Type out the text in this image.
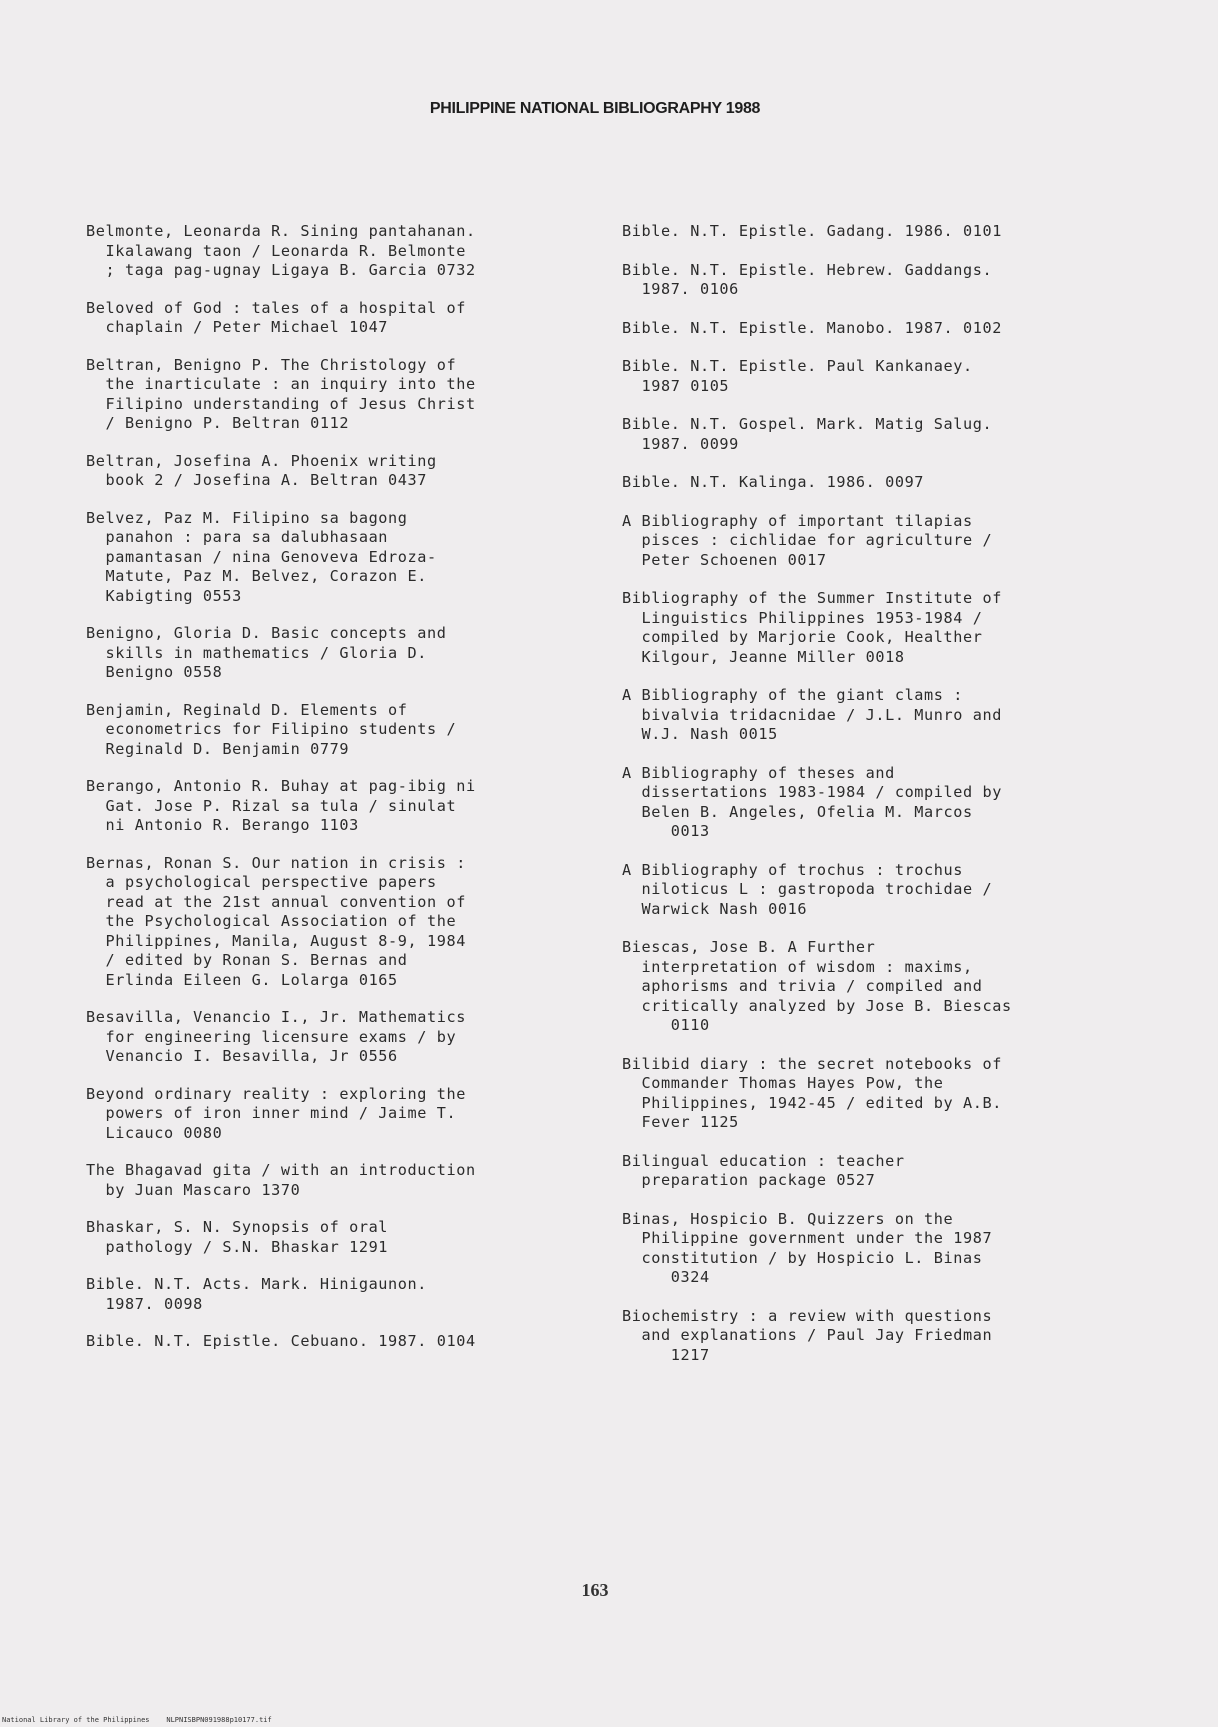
PHILIPPINE NATIONAL BIBLIOGRAPHY 1988

Belmonte, Leonarda R. Sining pantahanan.
Ikalawang taon / Leonarda R. Belmonte
; taga pag-ugnay Ligaya B. Garcia 0732

Beloved of God : tales of a hospital of
chaplain / Peter Michael 1047

Beltran, Benigno P. The Christology of
the inarticulate : an inquiry into the
Filipino understanding of Jesus Christ
/ Benigno P. Beltran 0112

Beltran, Josefina A. Phoenix writing
book 2 / Josefina A. Beltran 0437

Belvez, Paz M. Filipino sa bagong
panahon : para sa dalubhasaan
pamantasan / nina Genoveva Edroza-
Matute, Paz M. Belvez, Corazon E.
Kabigting 0553

Benigno, Gloria D. Basic concepts and
skills in mathematics / Gloria D.
Benigno 0558

Benjamin, Reginald D. Elements of
econometrics for Filipino students /
Reginald D. Benjamin 0779

Berango, Antonio R. Buhay at pag-ibig ni
Gat. Jose P. Rizal sa tula / sinulat
ni Antonio R. Berango 1103

Bernas, Ronan S. Our nation in crisis :
a psychological perspective papers
read at the 21st annual convention of
the Psychological Association of the
Philippines, Manila, August 8-9, 1984
/ edited by Ronan S. Bernas and
Erlinda Eileen G. Lolarga 0165

Besavilla, Venancio I., Jr. Mathematics
for engineering licensure exams / by
Venancio I. Besavilla, Jr 0556

Beyond ordinary reality : exploring the
powers of iron inner mind / Jaime T.
Licauco 0080

The Bhagavad gita / with an introduction
by Juan Mascaro 1370

Bhaskar, S. N. Synopsis of oral
pathology / S.N. Bhaskar 1291

Bible. N.T. Acts. Mark. Hinigaunon.
1987. 0098

Bible. N.T. Epistle. Cebuano. 1987. 0104

Bible. N.T. Epistle. Gadang. 1986. 0101

Bible. N.T. Epistle. Hebrew. Gaddangs.
1987. 0106

Bible. N.T. Epistle. Manobo. 1987. 0102

Bible. N.T. Epistle. Paul Kankanaey.
1987 0105

Bible. N.T. Gospel. Mark. Matig Salug.
1987. 0099

Bible. N.T. Kalinga. 1986. 0097

A Bibliography of important tilapias
pisces : cichlidae for agriculture /
Peter Schoenen 0017

Bibliography of the Summer Institute of
Linguistics Philippines 1953-1984 /
compiled by Marjorie Cook, Healther
Kilgour, Jeanne Miller 0018

A Bibliography of the giant clams :
bivalvia tridacnidae / J.L. Munro and
W.J. Nash 0015

A Bibliography of theses and
dissertations 1983-1984 / compiled by
Belen B. Angeles, Ofelia M. Marcos
0013

A Bibliography of trochus : trochus
niloticus L : gastropoda trochidae /
Warwick Nash 0016

Biescas, Jose B. A Further
interpretation of wisdom : maxims,
aphorisms and trivia / compiled and
critically analyzed by Jose B. Biescas
0110

Bilibid diary : the secret notebooks of
Commander Thomas Hayes Pow, the
Philippines, 1942-45 / edited by A.B.
Fever 1125

Bilingual education : teacher
preparation package 0527

Binas, Hospicio B. Quizzers on the
Philippine government under the 1987
constitution / by Hospicio L. Binas
0324

Biochemistry : a review with questions
and explanations / Paul Jay Friedman
1217

163
National Library of the Philippines    NLPNISBPN091988p10177.tif
